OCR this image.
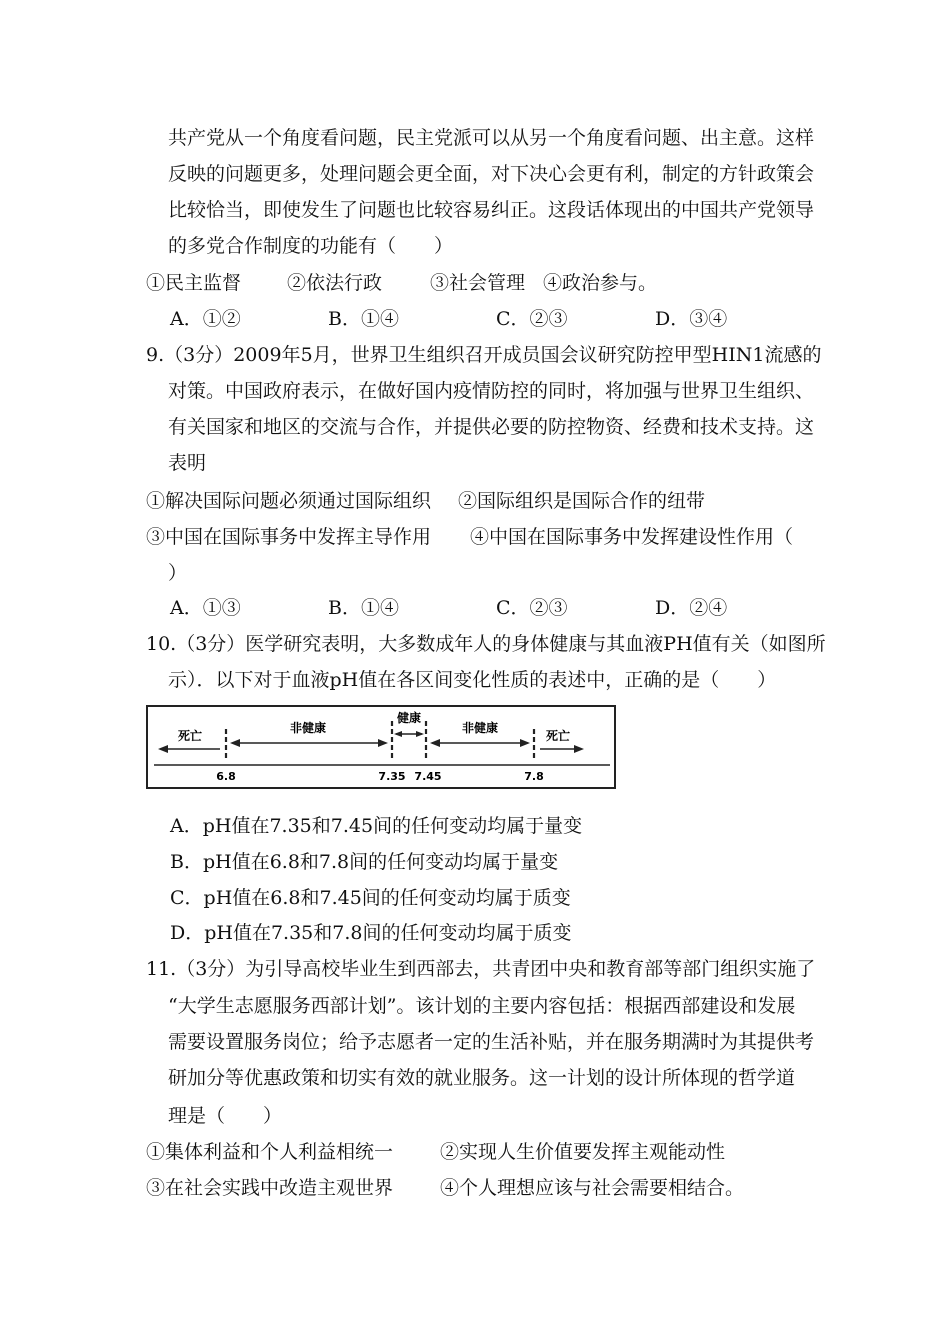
共产党从一个角度看问题，民主党派可以从另一个角度看问题、出主意。这样
反映的问题更多，处理问题会更全面，对下决心会更有利，制定的方针政策会
比较恰当，即使发生了问题也比较容易纠正。这段话体现出的中国共产党领导
的多党合作制度的功能有（　　）
①民主监督 ②依法行政	③社会管理 ④政治参与。
A．①②	B．①④	C．②③	D．③④
9.（3分）2009年5月，世界卫生组织召开成员国会议研究防控甲型HIN1流感的
对策。中国政府表示，在做好国内疫情防控的同时，将加强与世界卫生组织、
有关国家和地区的交流与合作，并提供必要的防控物资、经费和技术支持。这
表明
①解决国际问题必须通过国际组织 ②国际组织是国际合作的纽带
③中国在国际事务中发挥主导作用 ④中国在国际事务中发挥建设性作用（
）
A．①③	B．①④	C．②③	D．②④
10.（3分）医学研究表明，大多数成年人的身体健康与其血液PH值有关（如图所
示）．以下对于血液pH值在各区间变化性质的表述中，正确的是（　　）
死亡
非健康
健康
非健康
死亡
6.8	7.35 7.45	7.8
A．pH值在7.35和7.45间的任何变动均属于量变
B．pH值在6.8和7.8间的任何变动均属于量变
C．pH值在6.8和7.45间的任何变动均属于质变
D．pH值在7.35和7.8间的任何变动均属于质变
11.（3分）为引导高校毕业生到西部去，共青团中央和教育部等部门组织实施了
“大学生志愿服务西部计划”。该计划的主要内容包括：根据西部建设和发展
需要设置服务岗位；给予志愿者一定的生活补贴，并在服务期满时为其提供考
研加分等优惠政策和切实有效的就业服务。这一计划的设计所体现的哲学道
理是（　　）
①集体利益和个人利益相统一 ②实现人生价值要发挥主观能动性
③在社会实践中改造主观世界 ④个人理想应该与社会需要相结合。
